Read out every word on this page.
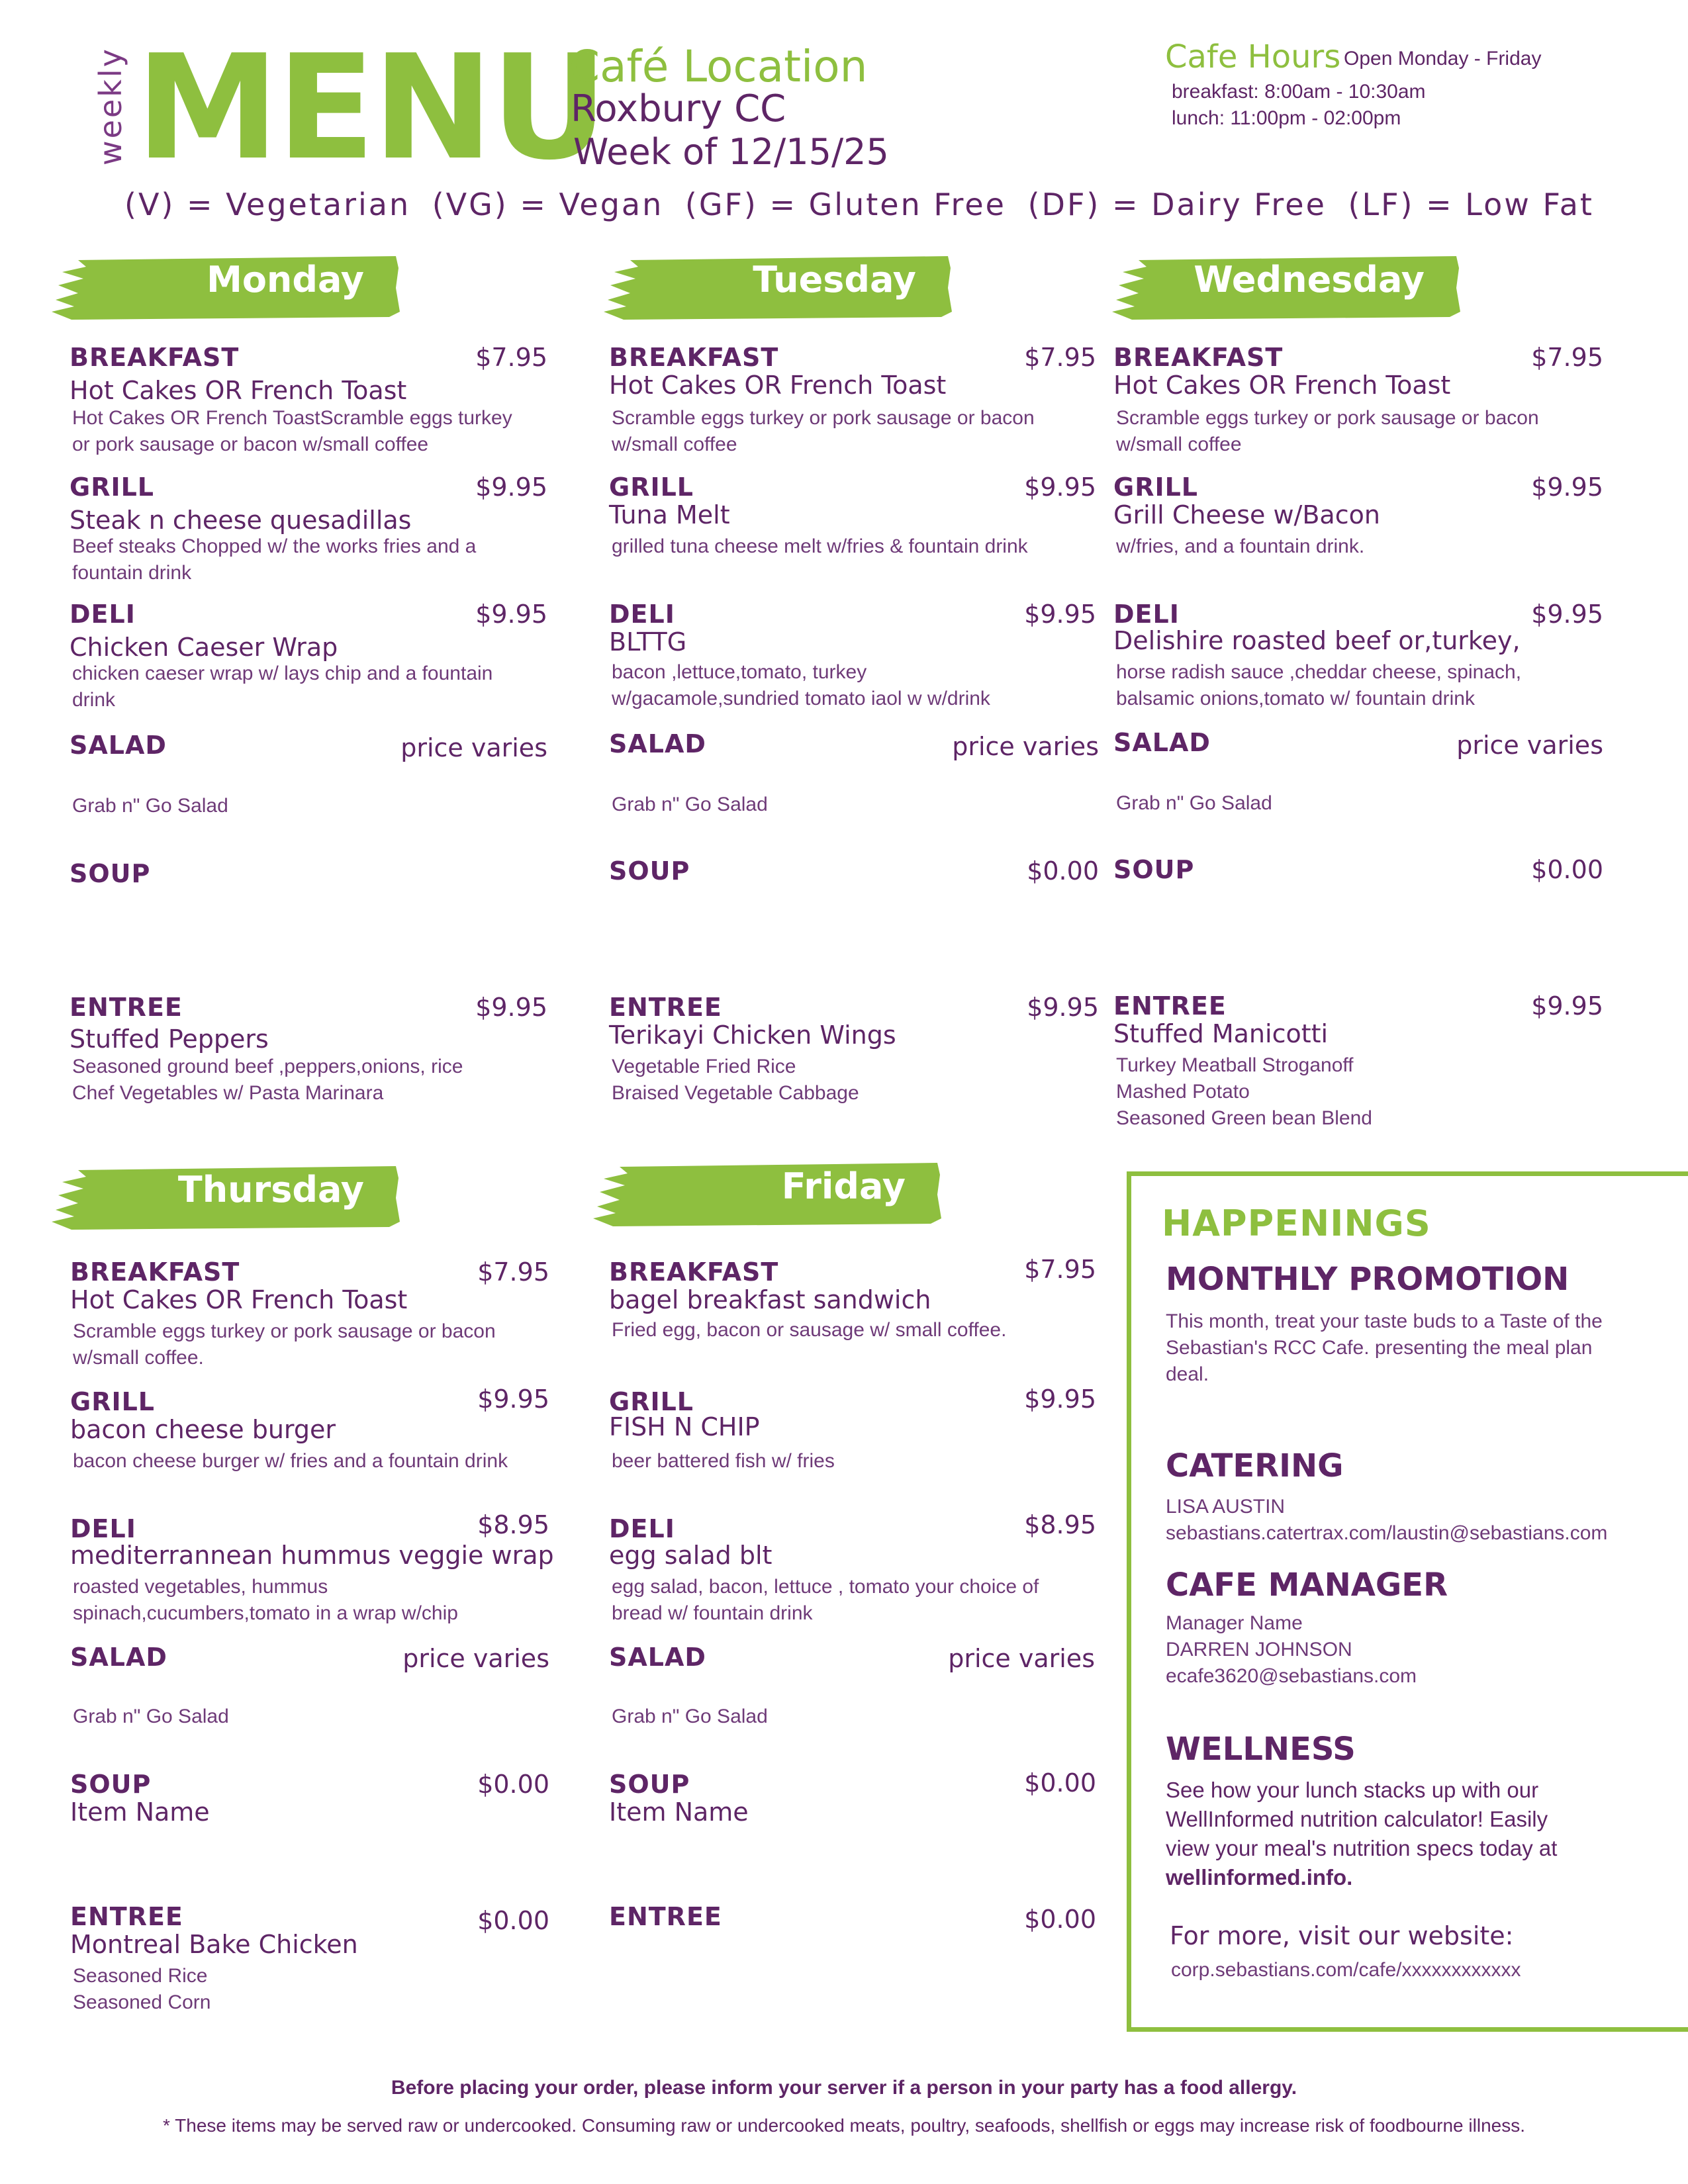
weekly MENU
Café Location
Roxbury CC
Week of 12/15/25
Cafe Hours Open Monday - Friday
breakfast: 8:00am - 10:30am
lunch: 11:00pm - 02:00pm
(V) = Vegetarian (VG) = Vegan (GF) = Gluten Free (DF) = Dairy Free (LF) = Low Fat
Monday	Tuesday	Wednesday
Thursday	Friday
BREAKFAST	$7.95
Hot Cakes OR French Toast
Hot Cakes OR French ToastScramble eggs turkey
or pork sausage or bacon w/small coffee
GRILL	$9.95
Steak n cheese quesadillas
Beef steaks Chopped w/ the works fries and a
fountain drink
DELI	$9.95
Chicken Caeser Wrap
chicken caeser wrap w/ lays chip and a fountain
drink
SALAD	price varies
Grab n" Go Salad
SOUP
ENTREE	$9.95
Stuffed Peppers
Seasoned ground beef ,peppers,onions, rice
Chef Vegetables w/ Pasta Marinara
BREAKFAST	$7.95
Hot Cakes OR French Toast
Scramble eggs turkey or pork sausage or bacon
w/small coffee
GRILL	$9.95
Tuna Melt
grilled tuna cheese melt w/fries & fountain drink
DELI	$9.95
BLTTG
bacon ,lettuce,tomato, turkey
w/gacamole,sundried tomato iaol w w/drink
SALAD	price varies
Grab n" Go Salad
SOUP	$0.00
ENTREE	$9.95
Terikayi Chicken Wings
Vegetable Fried Rice
Braised Vegetable Cabbage
BREAKFAST	$7.95
Hot Cakes OR French Toast
Scramble eggs turkey or pork sausage or bacon
w/small coffee
GRILL	$9.95
Grill Cheese w/Bacon
w/fries, and a fountain drink.
DELI	$9.95
Delishire roasted beef or,turkey,
horse radish sauce ,cheddar cheese, spinach,
balsamic onions,tomato w/ fountain drink
SALAD	price varies
Grab n" Go Salad
SOUP	$0.00
ENTREE	$9.95
Stuffed Manicotti
Turkey Meatball Stroganoff
Mashed Potato
Seasoned Green bean Blend
BREAKFAST	$7.95
Hot Cakes OR French Toast
Scramble eggs turkey or pork sausage or bacon
w/small coffee.
GRILL	$9.95
bacon cheese burger
bacon cheese burger w/ fries and a fountain drink
DELI	$8.95
mediterrannean hummus veggie wrap
roasted vegetables, hummus
spinach,cucumbers,tomato in a wrap w/chip
SALAD	price varies
Grab n" Go Salad
SOUP	$0.00
Item Name
ENTREE	$0.00
Montreal Bake Chicken
Seasoned Rice
Seasoned Corn
BREAKFAST	$7.95
bagel breakfast sandwich
Fried egg, bacon or sausage w/ small coffee.
GRILL	$9.95
FISH N CHIP
beer battered fish w/ fries
DELI	$8.95
egg salad blt
egg salad, bacon, lettuce , tomato your choice of
bread w/ fountain drink
SALAD	price varies
Grab n" Go Salad
SOUP	$0.00
Item Name
ENTREE	$0.00
HAPPENINGS
MONTHLY PROMOTION
This month, treat your taste buds to a Taste of the
Sebastian's RCC Cafe. presenting the meal plan
deal.
CATERING
LISA AUSTIN
sebastians.catertrax.com/laustin@sebastians.com
CAFE MANAGER
Manager Name
DARREN JOHNSON
ecafe3620@sebastians.com
WELLNESS
See how your lunch stacks up with our
WellInformed nutrition calculator! Easily
view your meal's nutrition specs today at
wellinformed.info.
For more, visit our website:
corp.sebastians.com/cafe/xxxxxxxxxxxx
Before placing your order, please inform your server if a person in your party has a food allergy.
* These items may be served raw or undercooked. Consuming raw or undercooked meats, poultry, seafoods, shellfish or eggs may increase risk of foodbourne illness.
